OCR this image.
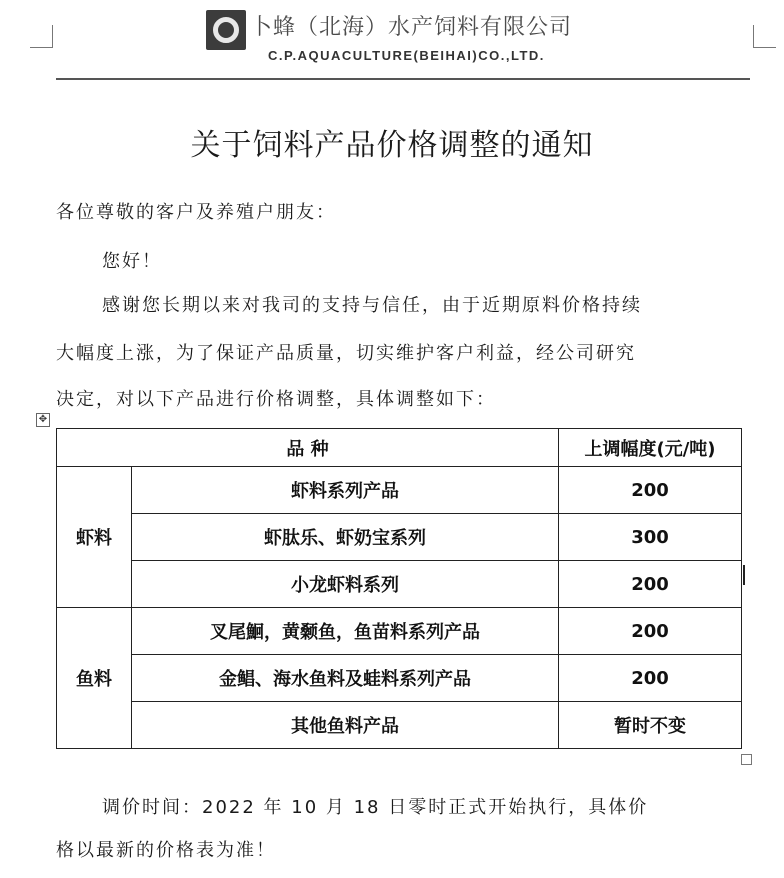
卜蜂（北海）水产饲料有限公司
C.P.AQUACULTURE(BEIHAI)CO.,LTD.
关于饲料产品价格调整的通知
各位尊敬的客户及养殖户朋友：
您好！
感谢您长期以来对我司的支持与信任，由于近期原料价格持续
大幅度上涨，为了保证产品质量，切实维护客户利益，经公司研究
决定，对以下产品进行价格调整，具体调整如下：
✥
品 种		上调幅度(元/吨)
虾料	虾料系列产品	200
	虾肽乐、虾奶宝系列	300
	小龙虾料系列	200
鱼料	叉尾鮰，黄颡鱼，鱼苗料系列产品	200
	金鲳、海水鱼料及蛙料系列产品	200
	其他鱼料产品	暂时不变
调价时间：2022 年 10 月 18 日零时正式开始执行，具体价
格以最新的价格表为准！
